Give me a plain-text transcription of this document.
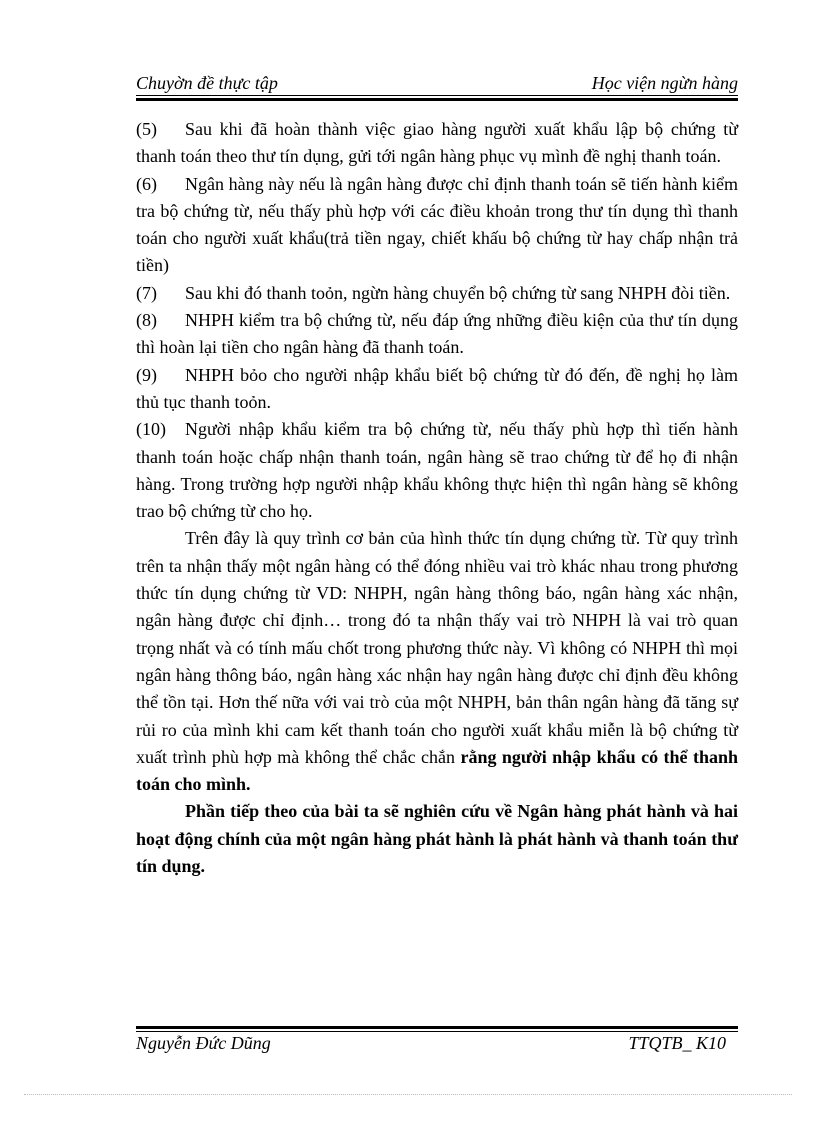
Chuyờn đề thực tập	Học viện ngừn hàng

(5) Sau khi đã hoàn thành việc giao hàng người xuất khẩu lập bộ chứng từ thanh toán theo thư tín dụng, gửi tới ngân hàng phục vụ mình đề nghị thanh toán.

(6) Ngân hàng này nếu là ngân hàng được chỉ định thanh toán sẽ tiến hành kiểm tra bộ chứng từ, nếu thấy phù hợp với các điều khoản trong thư tín dụng thì thanh toán cho người xuất khẩu(trả tiền ngay, chiết khấu bộ chứng từ hay chấp nhận trả tiền)

(7) Sau khi đó thanh toỏn, ngừn hàng chuyển bộ chứng từ sang NHPH đòi tiền.

(8) NHPH kiểm tra bộ chứng từ, nếu đáp ứng những điều kiện của thư tín dụng thì hoàn lại tiền cho ngân hàng đã thanh toán.

(9) NHPH bỏo cho người nhập khẩu biết bộ chứng từ đó đến, đề nghị họ làm thủ tục thanh toỏn.

(10) Người nhập khẩu kiểm tra bộ chứng từ, nếu thấy phù hợp thì tiến hành thanh toán hoặc chấp nhận thanh toán, ngân hàng sẽ trao chứng từ để họ đi nhận hàng. Trong trường hợp người nhập khẩu không thực hiện thì ngân hàng sẽ không trao bộ chứng từ cho họ.

Trên đây là quy trình cơ bản của hình thức tín dụng chứng từ. Từ quy trình trên ta nhận thấy một ngân hàng có thể đóng nhiều vai trò khác nhau trong phương thức tín dụng chứng từ VD: NHPH, ngân hàng thông báo, ngân hàng xác nhận, ngân hàng được chỉ định… trong đó ta nhận thấy vai trò NHPH là vai trò quan trọng nhất và có tính mấu chốt trong phương thức này. Vì không có NHPH thì mọi ngân hàng thông báo, ngân hàng xác nhận hay ngân hàng được chỉ định đều không thể tồn tại. Hơn thế nữa với vai trò của một NHPH, bản thân ngân hàng đã tăng sự rủi ro của mình khi cam kết thanh toán cho người xuất khẩu miễn là bộ chứng từ xuất trình phù hợp mà không thể chắc chắn rằng người nhập khẩu có thể thanh toán cho mình.

Phần tiếp theo của bài ta sẽ nghiên cứu về Ngân hàng phát hành và hai hoạt động chính của một ngân hàng phát hành là phát hành và thanh toán thư tín dụng.

Nguyễn Đức Dũng	TTQTB_ K10
